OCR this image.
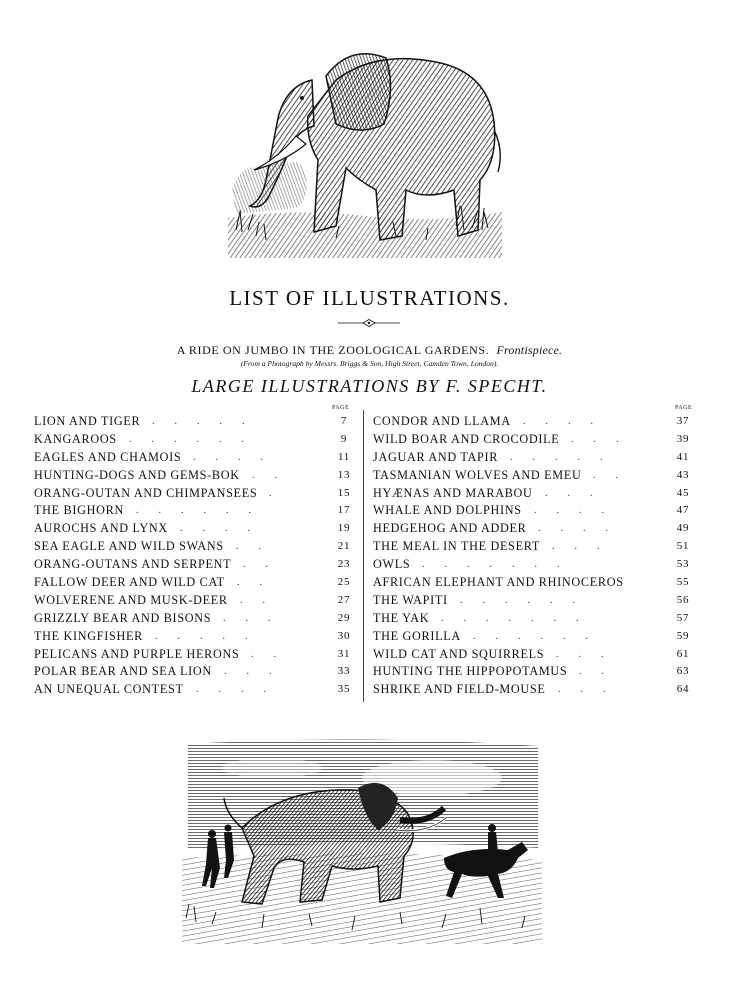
LIST OF ILLUSTRATIONS.
A RIDE ON JUMBO IN THE ZOOLOGICAL GARDENS. Frontispiece.
(From a Photograph by Messrs. Briggs & Son, High Street, Camden Town, London).
LARGE ILLUSTRATIONS BY F. SPECHT.
PAGE	PAGE
LION AND TIGER .  .  .  .  .	7
KANGAROOS .  .  .  .  .  .	9
EAGLES AND CHAMOIS .  .  .  .	11
HUNTING-DOGS AND GEMS-BOK .  .	13
ORANG-OUTAN AND CHIMPANSEES .	15
THE BIGHORN .  .  .  .  .  .	17
AUROCHS AND LYNX .  .  .  .	19
SEA EAGLE AND WILD SWANS .  .	21
ORANG-OUTANS AND SERPENT .  .	23
FALLOW DEER AND WILD CAT .  .	25
WOLVERENE AND MUSK-DEER .  .	27
GRIZZLY BEAR AND BISONS .  .  .	29
THE KINGFISHER .  .  .  .  .	30
PELICANS AND PURPLE HERONS .  .	31
POLAR BEAR AND SEA LION .  .  .	33
AN UNEQUAL CONTEST .  .  .  .	35
CONDOR AND LLAMA .  .  .  .	37
WILD BOAR AND CROCODILE .  .  .	39
JAGUAR AND TAPIR .  .  .  .  .	41
TASMANIAN WOLVES AND EMEU .  .	43
HYÆNAS AND MARABOU .  .  .	45
WHALE AND DOLPHINS .  .  .  .	47
HEDGEHOG AND ADDER .  .  .  .	49
THE MEAL IN THE DESERT .  .  .	51
OWLS .  .  .  .  .  .  .	53
AFRICAN ELEPHANT AND RHINOCEROS	55
THE WAPITI .  .  .  .  .  .	56
THE YAK .  .  .  .  .  .  .	57
THE GORILLA .  .  .  .  .  .	59
WILD CAT AND SQUIRRELS .  .  .	61
HUNTING THE HIPPOPOTAMUS .  .	63
SHRIKE AND FIELD-MOUSE .  .  .	64
